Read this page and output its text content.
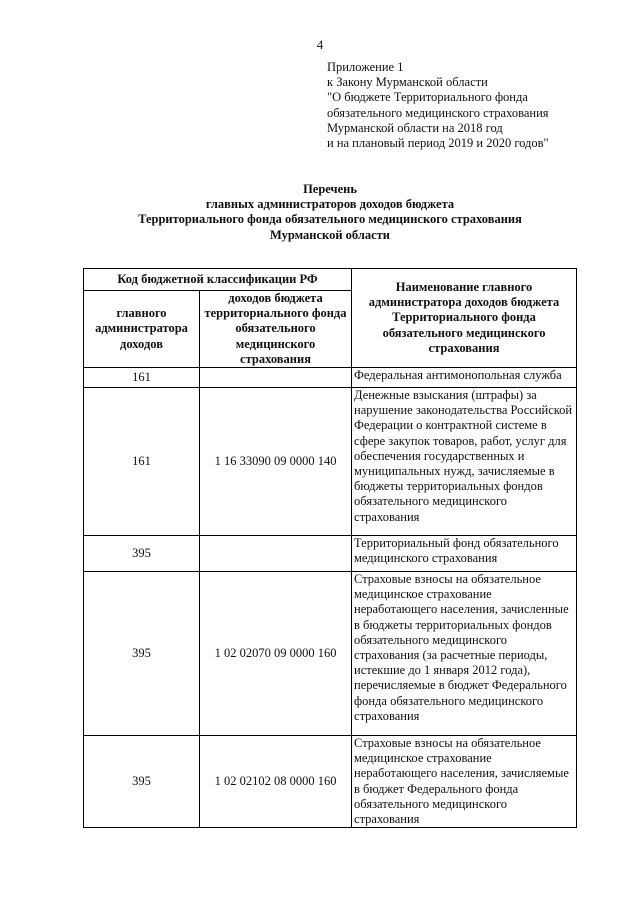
4
Приложение 1
к Закону Мурманской области
"О бюджете Территориального фонда
обязательного медицинского страхования
Мурманской области на 2018 год
и на плановый период 2019 и 2020 годов"
Перечень
главных администраторов доходов бюджета
Территориального фонда обязательного медицинского страхования
Мурманской области
Код бюджетной классификации РФ		Наименование главного администратора доходов бюджета Территориального фонда обязательного медицинского страхования
главного администратора доходов	доходов бюджета территориального фонда обязательного медицинского страхования	
161		Федеральная антимонопольная служба
161	1 16 33090 09 0000 140	Денежные взыскания (штрафы) за нарушение законодательства Российской Федерации о контрактной системе в сфере закупок товаров, работ, услуг для обеспечения государственных и муниципальных нужд, зачисляемые в бюджеты территориальных фондов обязательного медицинского страхования
395		Территориальный фонд обязательного медицинского страхования
395	1 02 02070 09 0000 160	Страховые взносы на обязательное медицинское страхование неработающего населения, зачисленные в бюджеты территориальных фондов обязательного медицинского страхования (за расчетные периоды, истекшие до 1 января 2012 года), перечисляемые в бюджет Федерального фонда обязательного медицинского страхования
395	1 02 02102 08 0000 160	Страховые взносы на обязательное медицинское страхование неработающего населения, зачисляемые в бюджет Федерального фонда обязательного медицинского страхования
